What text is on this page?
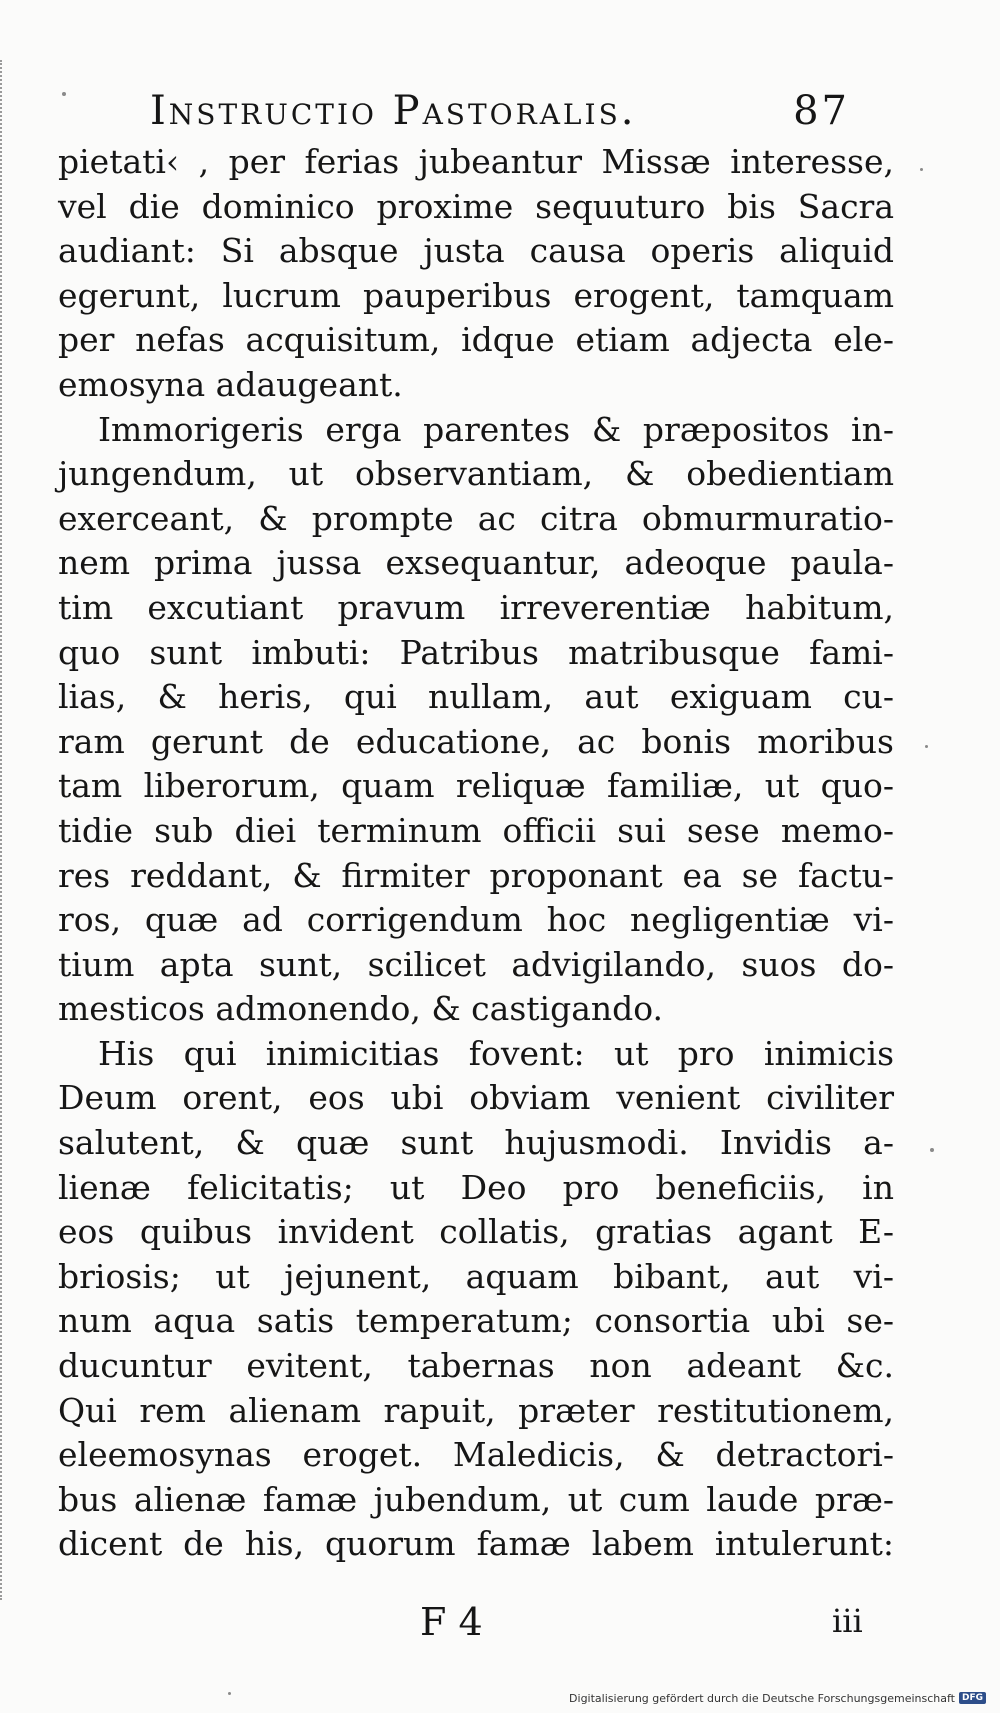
Instructio Pastoralis.	87
pietati‹ , per ferias jubeantur Missæ interesse,
vel die dominico proxime sequuturo bis Sacra
audiant: Si absque justa causa operis aliquid
egerunt, lucrum pauperibus erogent, tamquam
per nefas acquisitum, idque etiam adjecta ele-
emosyna adaugeant.
Immorigeris erga parentes & præpositos in-
jungendum, ut observantiam, & obedientiam
exerceant, & prompte ac citra obmurmuratio-
nem prima jussa exsequantur, adeoque paula-
tim excutiant pravum irreverentiæ habitum,
quo sunt imbuti: Patribus matribusque fami-
lias, & heris, qui nullam, aut exiguam cu-
ram gerunt de educatione, ac bonis moribus
tam liberorum, quam reliquæ familiæ, ut quo-
tidie sub diei terminum officii sui sese memo-
res reddant, & firmiter proponant ea se factu-
ros, quæ ad corrigendum hoc negligentiæ vi-
tium apta sunt, scilicet advigilando, suos do-
mesticos admonendo, & castigando.
His qui inimicitias fovent: ut pro inimicis
Deum orent, eos ubi obviam venient civiliter
salutent, & quæ sunt hujusmodi. Invidis a-
lienæ felicitatis; ut Deo pro beneficiis, in
eos quibus invident collatis, gratias agant E-
briosis; ut jejunent, aquam bibant, aut vi-
num aqua satis temperatum; consortia ubi se-
ducuntur evitent, tabernas non adeant &c.
Qui rem alienam rapuit, præter restitutionem,
eleemosynas eroget. Maledicis, & detractori-
bus alienæ famæ jubendum, ut cum laude præ-
dicent de his, quorum famæ labem intulerunt:
F 4	iii
Digitalisierung gefördert durch die Deutsche Forschungsgemeinschaft DFG
